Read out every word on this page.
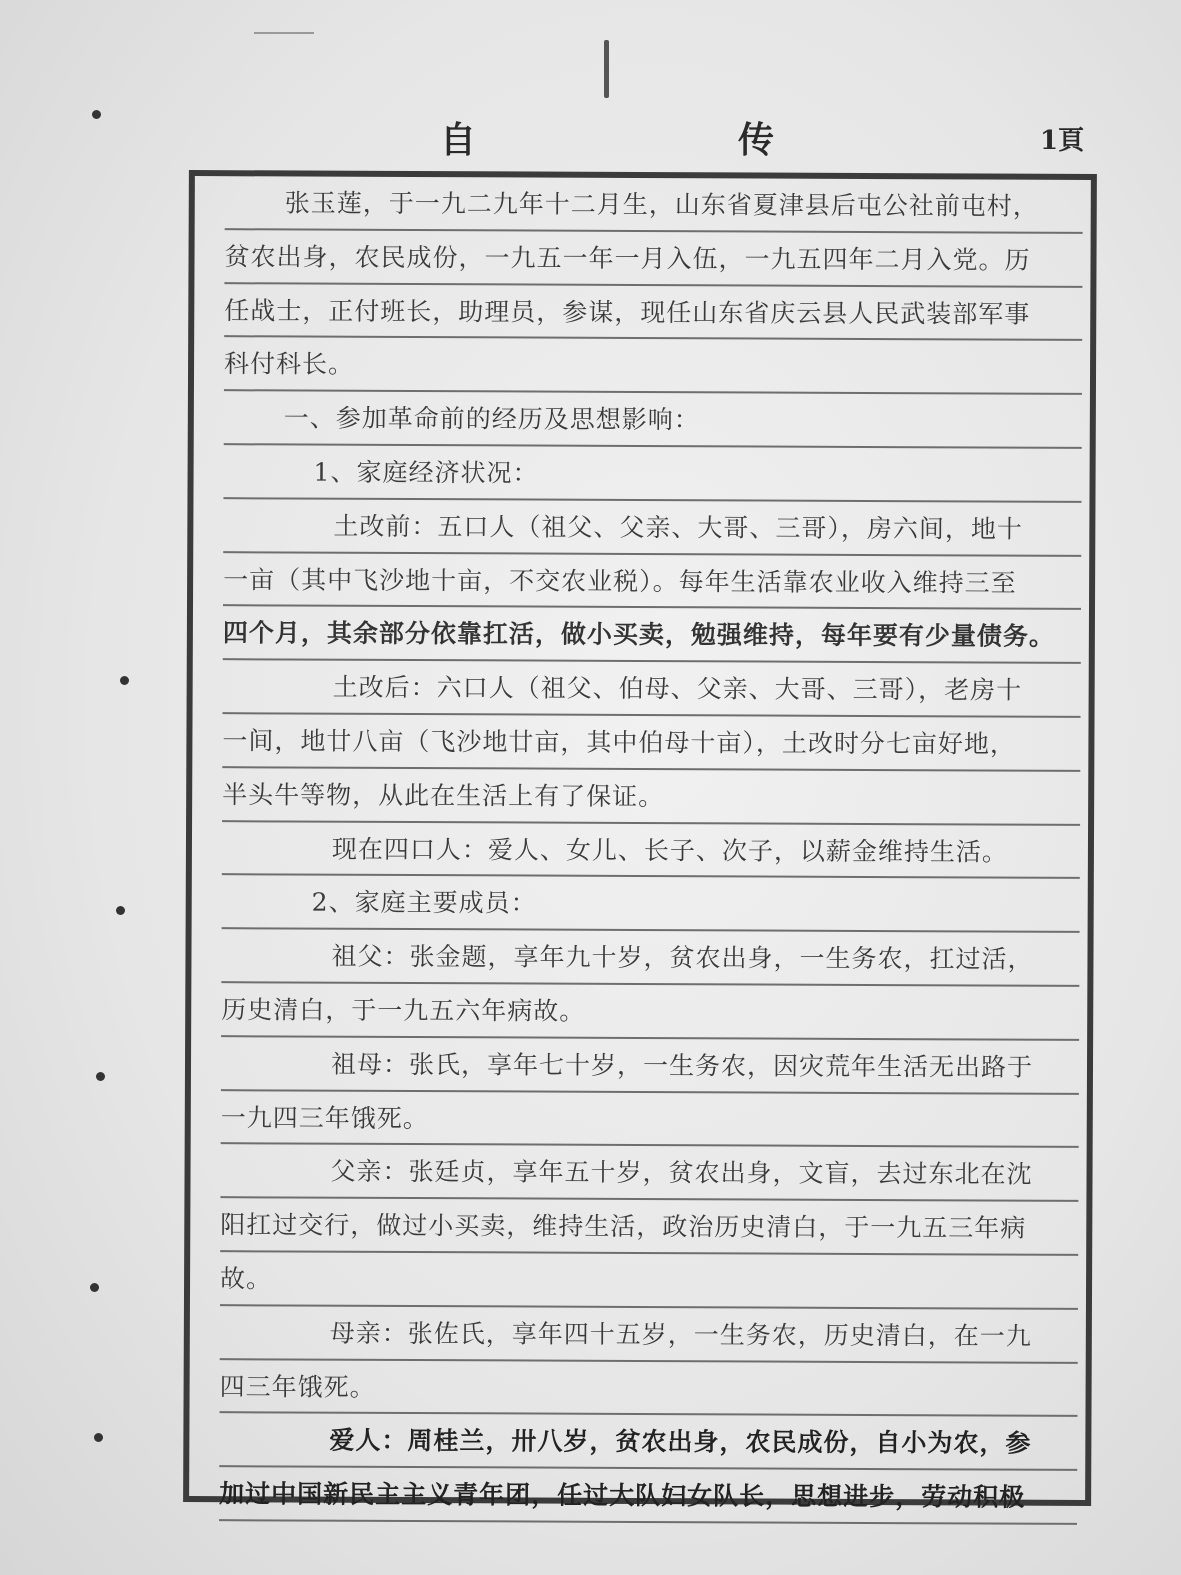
自	传	1頁
张玉莲，于一九二九年十二月生，山东省夏津县后屯公社前屯村，
贫农出身，农民成份，一九五一年一月入伍，一九五四年二月入党。历
任战士，正付班长，助理员，参谋，现任山东省庆云县人民武装部军事
科付科长。
一、参加革命前的经历及思想影响：
1、家庭经济状况：
土改前：五口人（祖父、父亲、大哥、三哥），房六间，地十
一亩（其中飞沙地十亩，不交农业税）。每年生活靠农业收入维持三至
四个月，其余部分依靠扛活，做小买卖，勉强维持，每年要有少量债务。
土改后：六口人（祖父、伯母、父亲、大哥、三哥），老房十
一间，地廿八亩（飞沙地廿亩，其中伯母十亩），土改时分七亩好地，
半头牛等物，从此在生活上有了保证。
现在四口人：爱人、女儿、长子、次子，以薪金维持生活。
2、家庭主要成员：
祖父：张金题，享年九十岁，贫农出身，一生务农，扛过活，
历史清白，于一九五六年病故。
祖母：张氏，享年七十岁，一生务农，因灾荒年生活无出路于
一九四三年饿死。
父亲：张廷贞，享年五十岁，贫农出身，文盲，去过东北在沈
阳扛过交行，做过小买卖，维持生活，政治历史清白，于一九五三年病
故。
母亲：张佐氏，享年四十五岁，一生务农，历史清白，在一九
四三年饿死。
爱人：周桂兰，卅八岁，贫农出身，农民成份，自小为农，参
加过中国新民主主义青年团，任过大队妇女队长，思想进步，劳动积极
